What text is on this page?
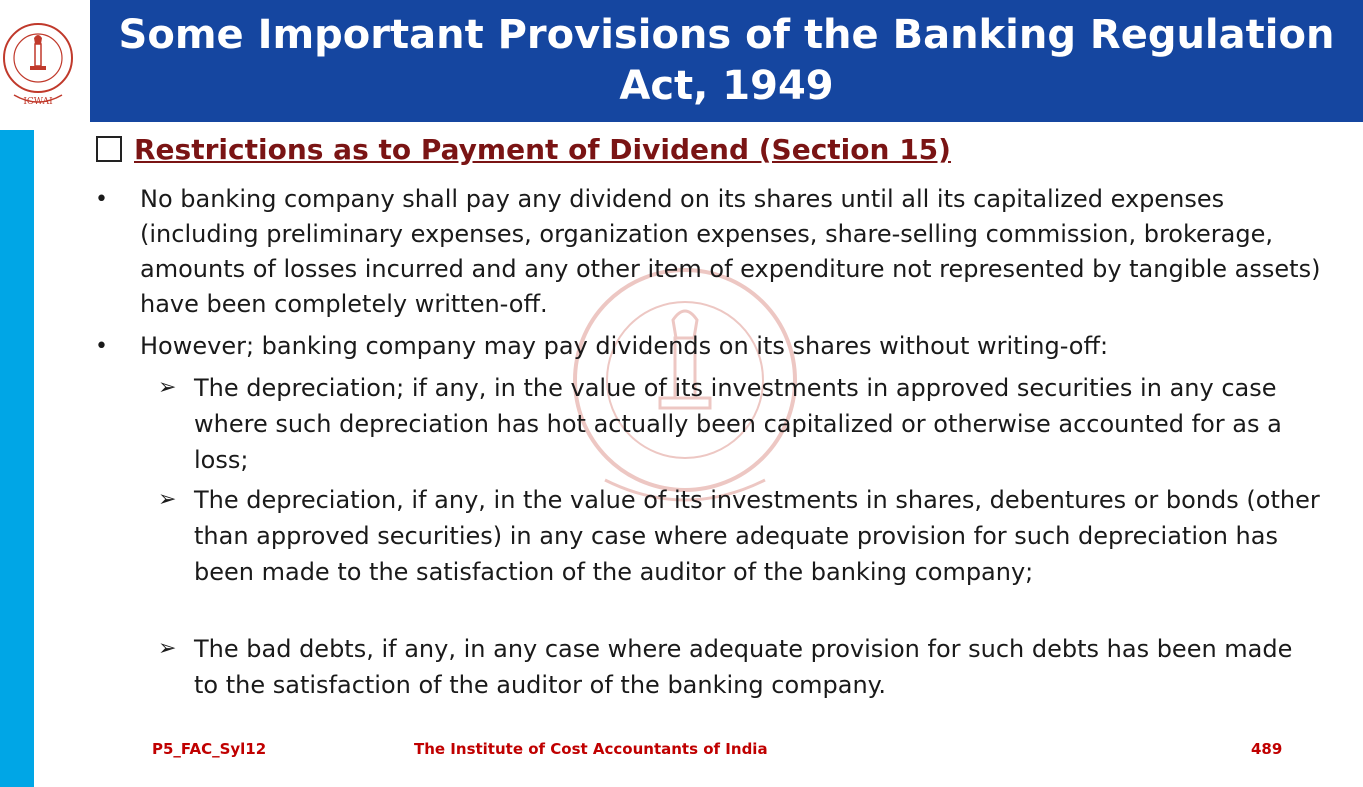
ICWAI
Some Important Provisions of the Banking Regulation Act, 1949
Restrictions as to Payment of Dividend (Section 15)
• No banking company shall pay any dividend on its shares until all its capitalized expenses (including preliminary expenses, organization expenses, share-selling commission, brokerage, amounts of losses incurred and any other item of expenditure not represented by tangible assets) have been completely written-off.
• However; banking company may pay dividends on its shares without writing-off:
➢ The depreciation; if any, in the value of its investments in approved securities in any case where such depreciation has hot actually been capitalized or otherwise accounted for as a loss;
➢ The depreciation, if any, in the value of its investments in shares, debentures or bonds (other than approved securities) in any case where adequate provision for such depreciation has been made to the satisfaction of the auditor of the banking company;
➢ The bad debts, if any, in any case where adequate provision for such debts has been made to the satisfaction of the auditor of the banking company.
P5_FAC_Syl12	The Institute of Cost Accountants of India	489
